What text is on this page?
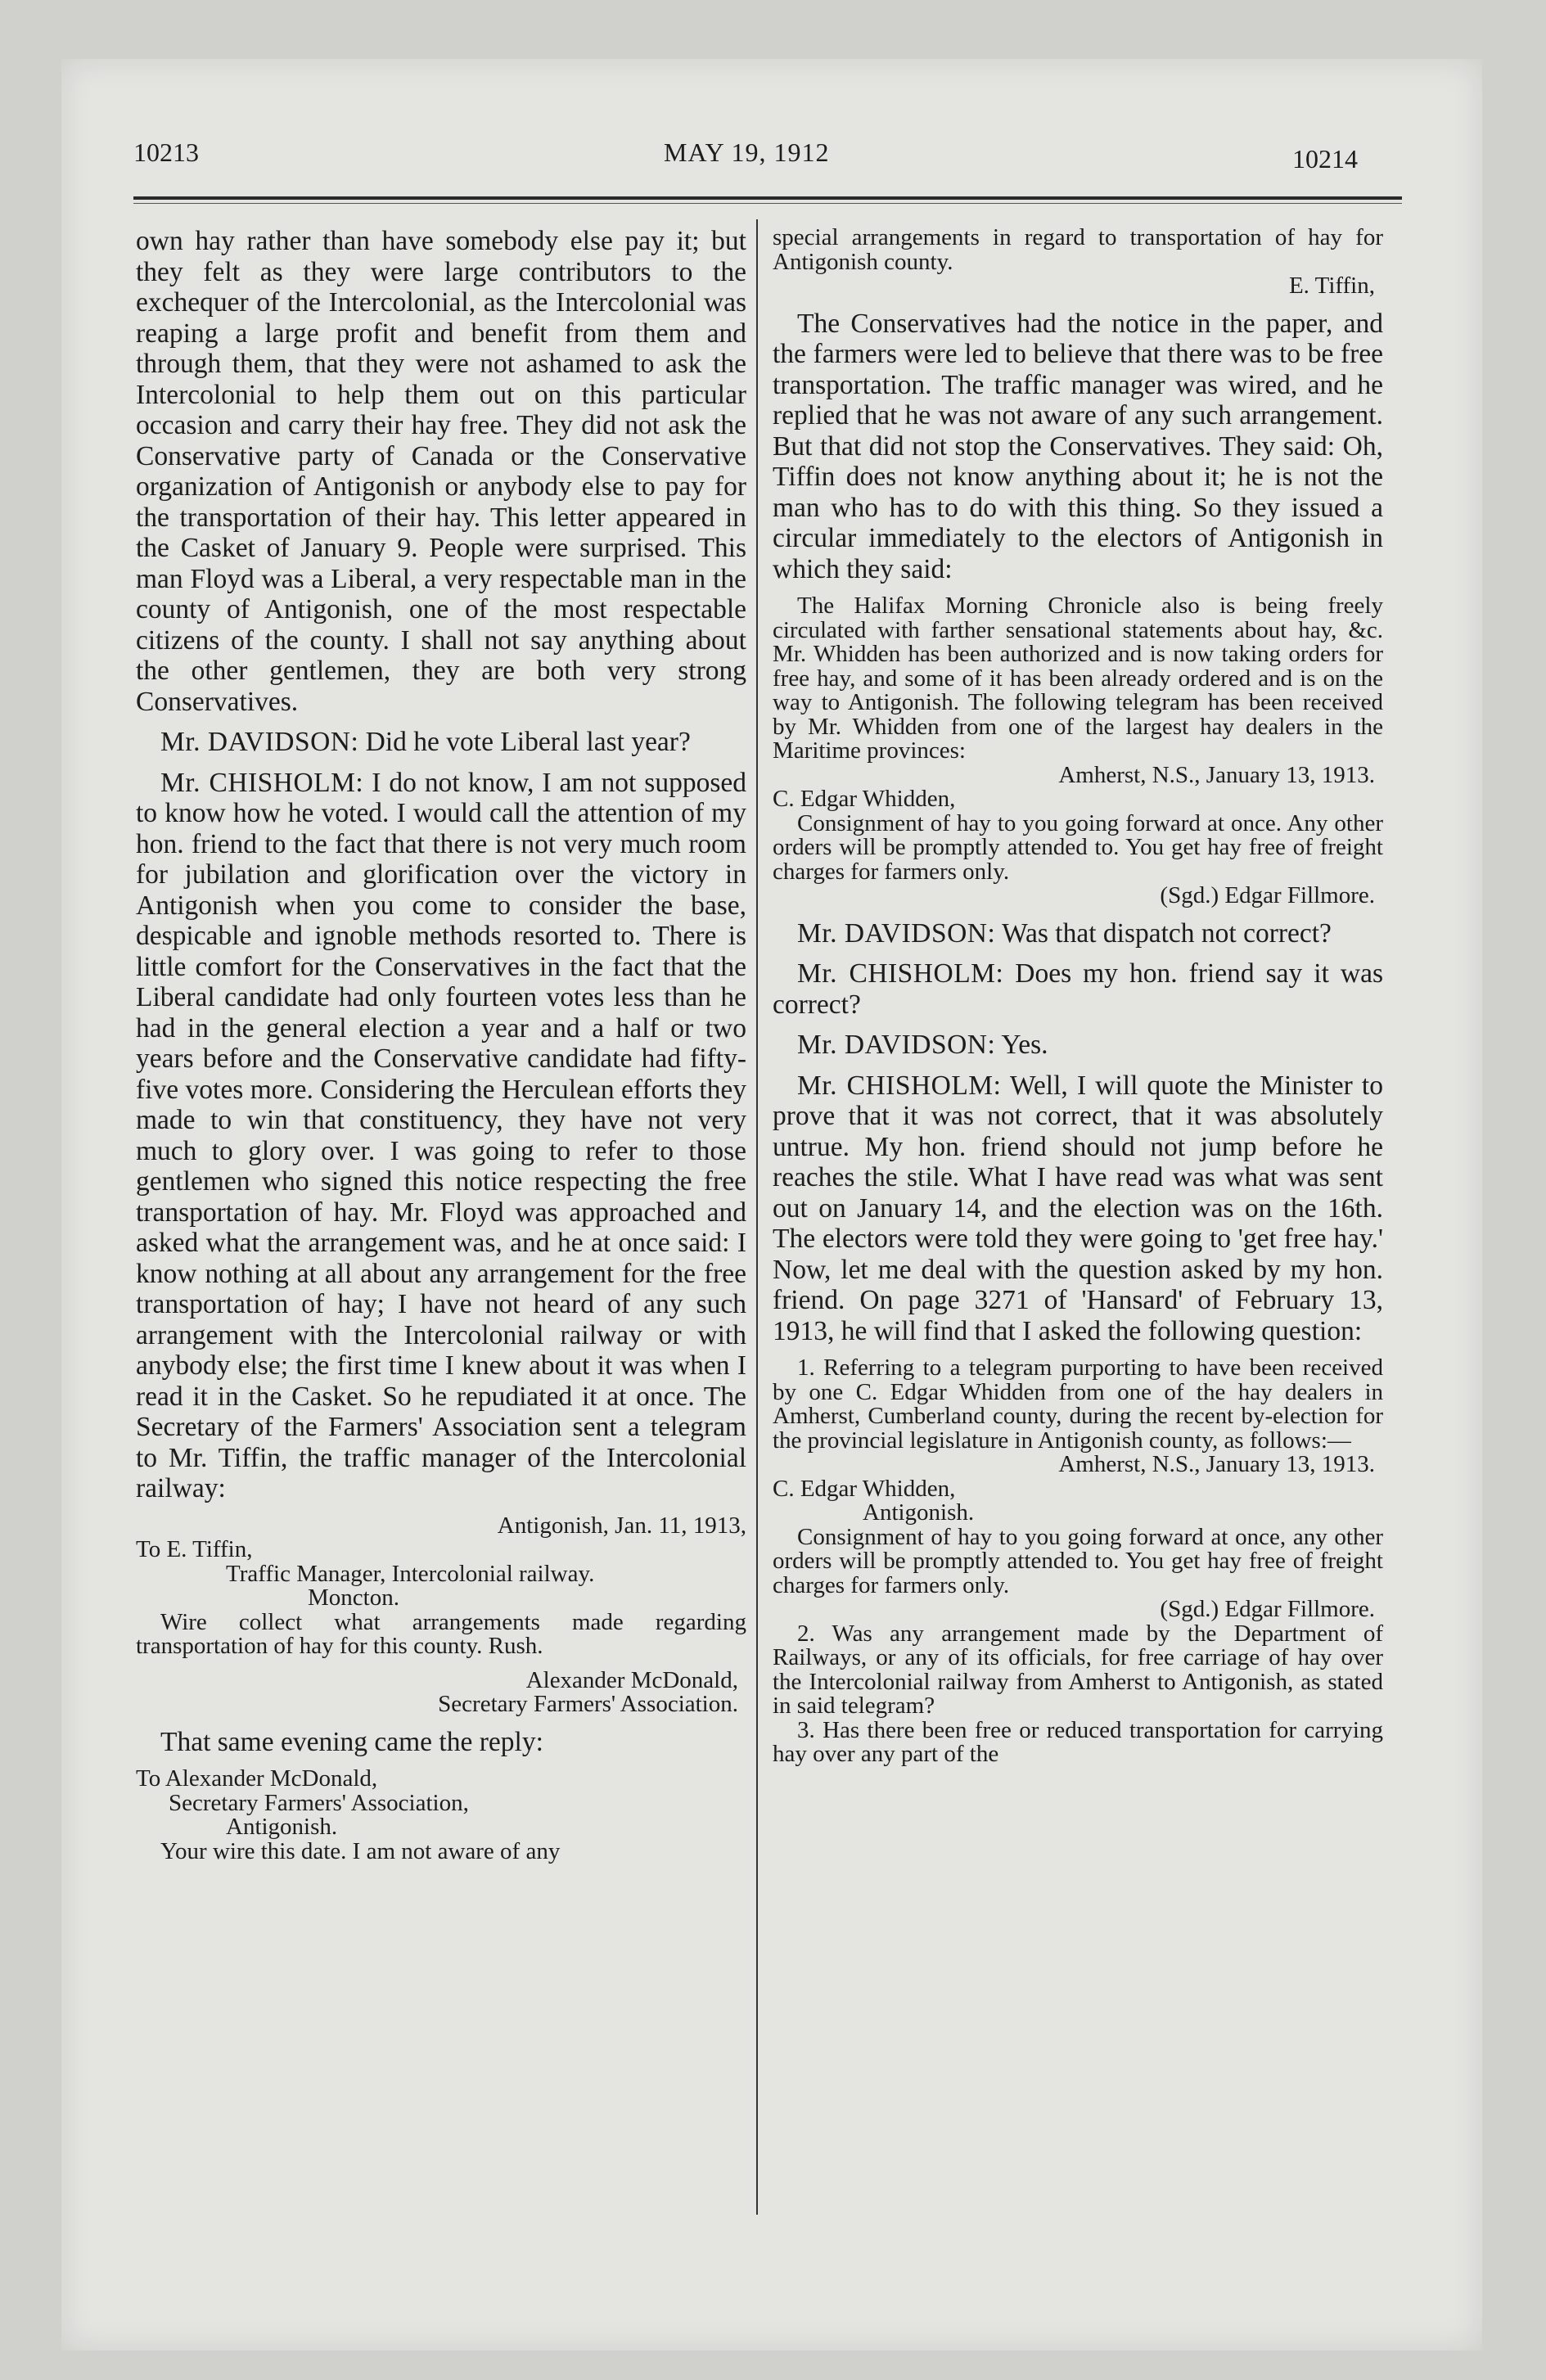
10213	MAY 19, 1912	10214

own hay rather than have somebody else pay it; but they felt as they were large contributors to the exchequer of the Intercolonial, as the Intercolonial was reaping a large profit and benefit from them and through them, that they were not ashamed to ask the Intercolonial to help them out on this particular occasion and carry their hay free. They did not ask the Conservative party of Canada or the Conservative organization of Antigonish or anybody else to pay for the transportation of their hay. This letter appeared in the Casket of January 9. People were surprised. This man Floyd was a Liberal, a very respectable man in the county of Antigonish, one of the most respectable citizens of the county. I shall not say anything about the other gentlemen, they are both very strong Conservatives.

Mr. DAVIDSON: Did he vote Liberal last year?

Mr. CHISHOLM: I do not know, I am not supposed to know how he voted. I would call the attention of my hon. friend to the fact that there is not very much room for jubilation and glorification over the victory in Antigonish when you come to consider the base, despicable and ignoble methods resorted to. There is little comfort for the Conservatives in the fact that the Liberal candidate had only fourteen votes less than he had in the general election a year and a half or two years before and the Conservative candidate had fifty-five votes more. Considering the Herculean efforts they made to win that constituency, they have not very much to glory over. I was going to refer to those gentlemen who signed this notice respecting the free transportation of hay. Mr. Floyd was approached and asked what the arrangement was, and he at once said: I know nothing at all about any arrangement for the free transportation of hay; I have not heard of any such arrangement with the Intercolonial railway or with anybody else; the first time I knew about it was when I read it in the Casket. So he repudiated it at once. The Secretary of the Farmers' Association sent a telegram to Mr. Tiffin, the traffic manager of the Intercolonial railway:

Antigonish, Jan. 11, 1913,

To E. Tiffin,

Traffic Manager, Intercolonial railway.

Moncton.

Wire collect what arrangements made regarding transportation of hay for this county. Rush.

Alexander McDonald,

Secretary Farmers' Association.

That same evening came the reply:

To Alexander McDonald,

Secretary Farmers' Association,

Antigonish.

Your wire this date. I am not aware of any

special arrangements in regard to transportation of hay for Antigonish county.

E. Tiffin,

The Conservatives had the notice in the paper, and the farmers were led to believe that there was to be free transportation. The traffic manager was wired, and he replied that he was not aware of any such arrangement. But that did not stop the Conservatives. They said: Oh, Tiffin does not know anything about it; he is not the man who has to do with this thing. So they issued a circular immediately to the electors of Antigonish in which they said:

The Halifax Morning Chronicle also is being freely circulated with farther sensational statements about hay, &c. Mr. Whidden has been authorized and is now taking orders for free hay, and some of it has been already ordered and is on the way to Antigonish. The following telegram has been received by Mr. Whidden from one of the largest hay dealers in the Maritime provinces:

Amherst, N.S., January 13, 1913.

C. Edgar Whidden,

Consignment of hay to you going forward at once. Any other orders will be promptly attended to. You get hay free of freight charges for farmers only.

(Sgd.) Edgar Fillmore.

Mr. DAVIDSON: Was that dispatch not correct?

Mr. CHISHOLM: Does my hon. friend say it was correct?

Mr. DAVIDSON: Yes.

Mr. CHISHOLM: Well, I will quote the Minister to prove that it was not correct, that it was absolutely untrue. My hon. friend should not jump before he reaches the stile. What I have read was what was sent out on January 14, and the election was on the 16th. The electors were told they were going to 'get free hay.' Now, let me deal with the question asked by my hon. friend. On page 3271 of 'Hansard' of February 13, 1913, he will find that I asked the following question:

1. Referring to a telegram purporting to have been received by one C. Edgar Whidden from one of the hay dealers in Amherst, Cumberland county, during the recent by-election for the provincial legislature in Antigonish county, as follows:—

Amherst, N.S., January 13, 1913.

C. Edgar Whidden,

Antigonish.

Consignment of hay to you going forward at once, any other orders will be promptly attended to. You get hay free of freight charges for farmers only.

(Sgd.) Edgar Fillmore.

2. Was any arrangement made by the Department of Railways, or any of its officials, for free carriage of hay over the Intercolonial railway from Amherst to Antigonish, as stated in said telegram?

3. Has there been free or reduced transportation for carrying hay over any part of the
